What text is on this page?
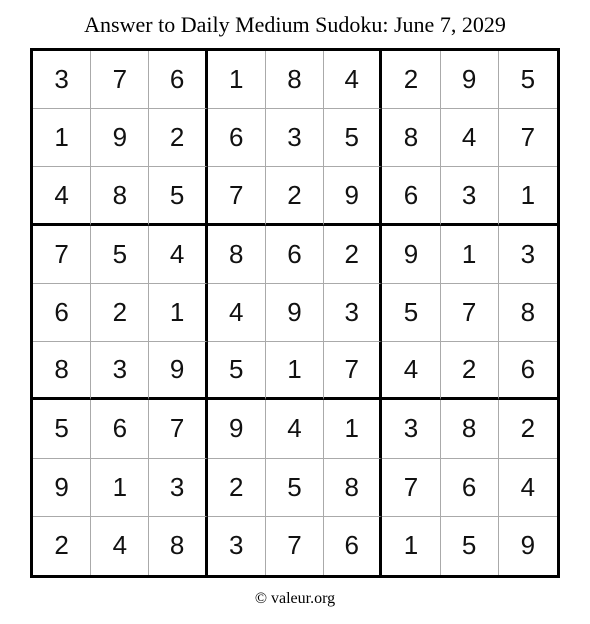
Answer to Daily Medium Sudoku: June 7, 2029
3	7	6	1	8	4	2	9	5
1	9	2	6	3	5	8	4	7
4	8	5	7	2	9	6	3	1
7	5	4	8	6	2	9	1	3
6	2	1	4	9	3	5	7	8
8	3	9	5	1	7	4	2	6
5	6	7	9	4	1	3	8	2
9	1	3	2	5	8	7	6	4
2	4	8	3	7	6	1	5	9
© valeur.org
